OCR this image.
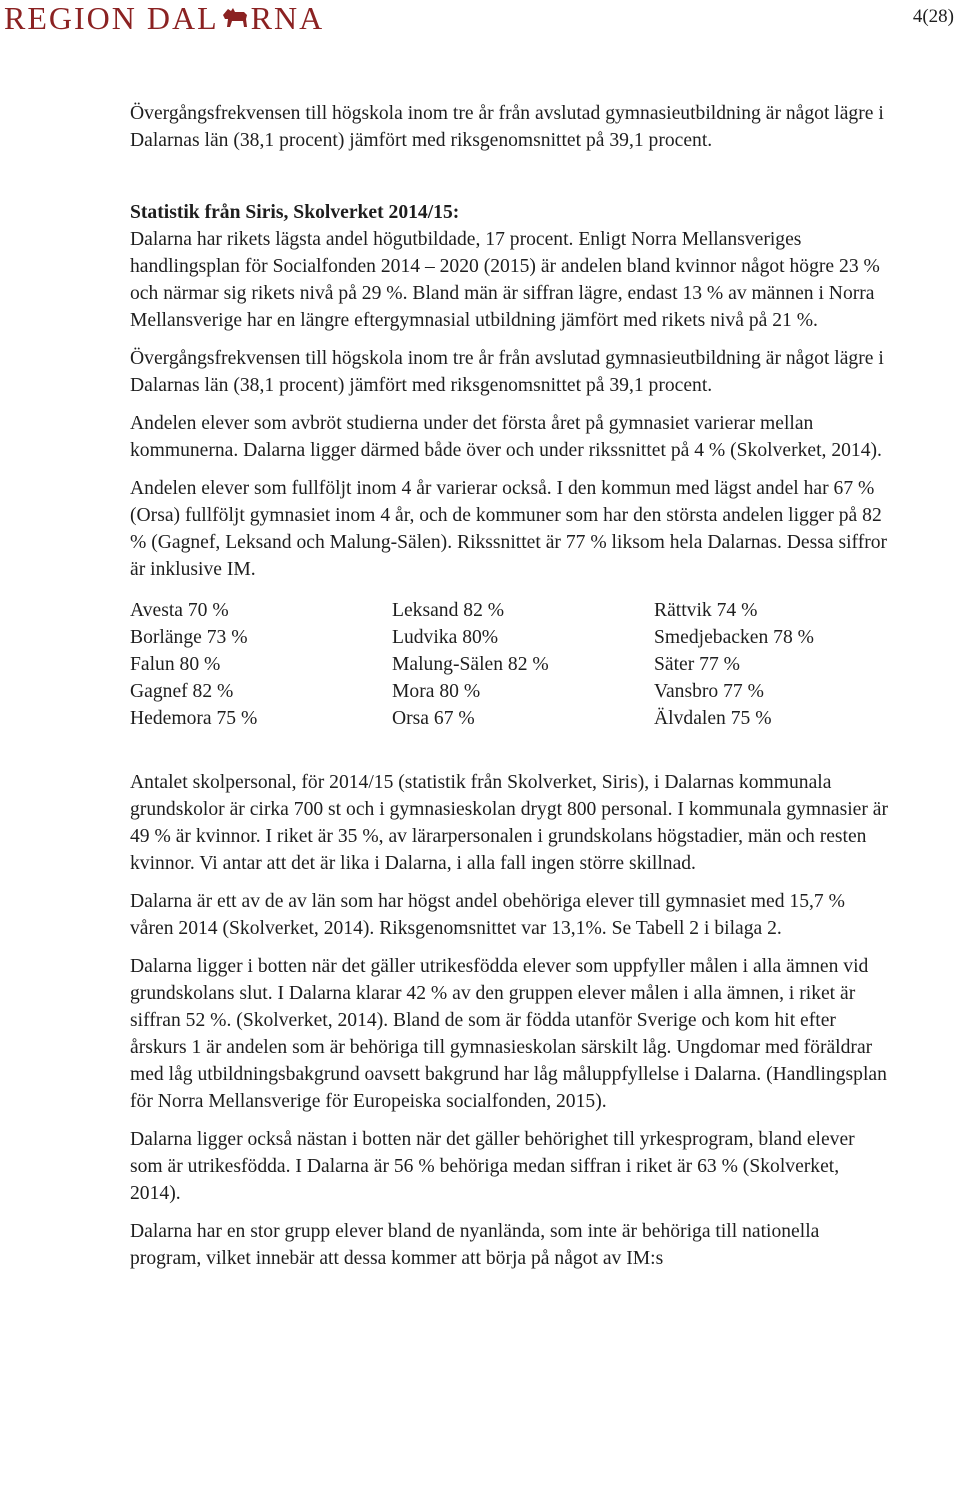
REGION DAL RNA	4(28)

Övergångsfrekvensen till högskola inom tre år från avslutad gymnasieutbildning är något lägre i Dalarnas län (38,1 procent) jämfört med riksgenomsnittet på 39,1 procent.

Statistik från Siris, Skolverket 2014/15:

Dalarna har rikets lägsta andel högutbildade, 17 procent. Enligt Norra Mellansveriges handlingsplan för Socialfonden 2014 – 2020 (2015) är andelen bland kvinnor något högre 23 % och närmar sig rikets nivå på 29 %. Bland män är siffran lägre, endast 13 % av männen i Norra Mellansverige har en längre eftergymnasial utbildning jämfört med rikets nivå på 21 %.

Övergångsfrekvensen till högskola inom tre år från avslutad gymnasieutbildning är något lägre i Dalarnas län (38,1 procent) jämfört med riksgenomsnittet på 39,1 procent.

Andelen elever som avbröt studierna under det första året på gymnasiet varierar mellan kommunerna. Dalarna ligger därmed både över och under rikssnittet på 4 % (Skolverket, 2014).

Andelen elever som fullföljt inom 4 år varierar också. I den kommun med lägst andel har 67 % (Orsa) fullföljt gymnasiet inom 4 år, och de kommuner som har den största andelen ligger på 82 % (Gagnef, Leksand och Malung-Sälen). Rikssnittet är 77 % liksom hela Dalarnas. Dessa siffror är inklusive IM.

Avesta 70 %	Leksand 82 %	Rättvik 74 %
Borlänge 73 %	Ludvika 80%	Smedjebacken 78 %
Falun 80 %	Malung-Sälen 82 %	Säter 77 %
Gagnef 82 %	Mora 80 %	Vansbro 77 %
Hedemora 75 %	Orsa 67 %	Älvdalen 75 %

Antalet skolpersonal, för 2014/15 (statistik från Skolverket, Siris), i Dalarnas kommunala grundskolor är cirka 700 st och i gymnasieskolan drygt 800 personal. I kommunala gymnasier är 49 % är kvinnor. I riket är 35 %, av lärarpersonalen i grundskolans högstadier, män och resten kvinnor. Vi antar att det är lika i Dalarna, i alla fall ingen större skillnad.

Dalarna är ett av de av län som har högst andel obehöriga elever till gymnasiet med 15,7 % våren 2014 (Skolverket, 2014). Riksgenomsnittet var 13,1%. Se Tabell 2 i bilaga 2.

Dalarna ligger i botten när det gäller utrikesfödda elever som uppfyller målen i alla ämnen vid grundskolans slut. I Dalarna klarar 42 % av den gruppen elever målen i alla ämnen, i riket är siffran 52 %. (Skolverket, 2014). Bland de som är födda utanför Sverige och kom hit efter årskurs 1 är andelen som är behöriga till gymnasieskolan särskilt låg. Ungdomar med föräldrar med låg utbildningsbakgrund oavsett bakgrund har låg måluppfyllelse i Dalarna. (Handlingsplan för Norra Mellansverige för Europeiska socialfonden, 2015).

Dalarna ligger också nästan i botten när det gäller behörighet till yrkesprogram, bland elever som är utrikesfödda. I Dalarna är 56 % behöriga medan siffran i riket är 63 % (Skolverket, 2014).

Dalarna har en stor grupp elever bland de nyanlända, som inte är behöriga till nationella program, vilket innebär att dessa kommer att börja på något av IM:s
